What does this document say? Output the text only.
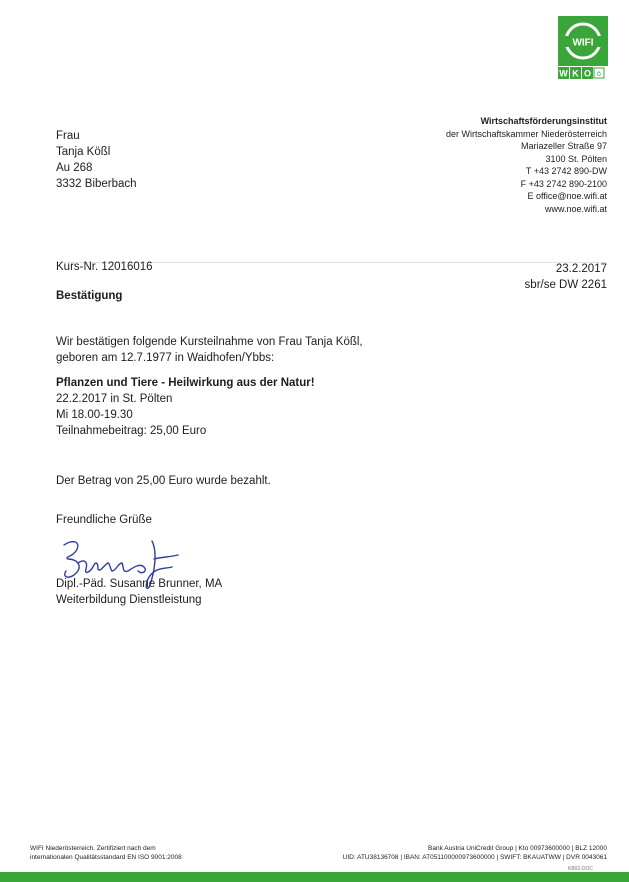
WIFI
W K O ö
Frau
Tanja Kößl
Au 268
3332 Biberbach
Wirtschaftsförderungsinstitut
der Wirtschaftskammer Niederösterreich
Mariazeller Straße 97
3100 St. Pölten
T +43 2742 890-DW
F +43 2742 890-2100
E office@noe.wifi.at
www.noe.wifi.at
Kurs-Nr. 12016016	23.2.2017
sbr/se DW 2261
Bestätigung
Wir bestätigen folgende Kursteilnahme von Frau Tanja Kößl,
geboren am 12.7.1977 in Waidhofen/Ybbs:
Pflanzen und Tiere - Heilwirkung aus der Natur!
22.2.2017 in St. Pölten
Mi 18.00-19.30
Teilnahmebeitrag: 25,00 Euro
Der Betrag von 25,00 Euro wurde bezahlt.
Freundliche Grüße
Dipl.-Päd. Susanne Brunner, MA
Weiterbildung Dienstleistung
WIFI Niederösterreich. Zertifiziert nach dem
internationalen Qualitätsstandard EN ISO 9001:2008
Bank Austria UniCredit Group | Kto 00973600000 | BLZ 12000
UID: ATU38136708 | IBAN: AT051100000973600000 | SWIFT: BKAUATWW | DVR 0043061
KB02-DOC
